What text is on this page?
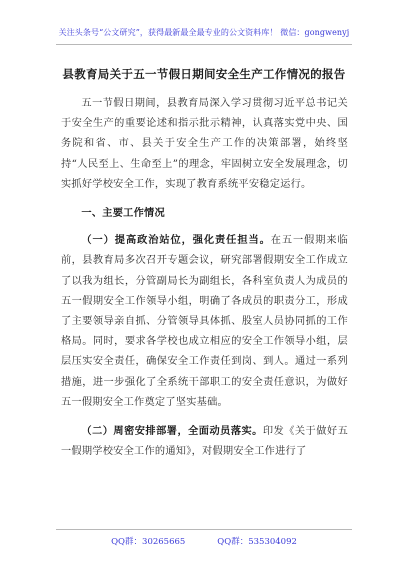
关注头条号“公文研究”，获得最新最全最专业的公文资料库！ 微信：gongwenyj
县教育局关于五一节假日期间安全生产工作情况的报告

五一节假日期间，县教育局深入学习贯彻习近平总书记关于安全生产的重要论述和指示批示精神，认真落实党中央、国务院和省、市、县关于安全生产工作的决策部署，始终坚持“人民至上、生命至上”的理念，牢固树立安全发展理念，切实抓好学校安全工作，实现了教育系统平安稳定运行。

一、主要工作情况

（一）提高政治站位，强化责任担当。在五一假期来临前，县教育局多次召开专题会议，研究部署假期安全工作成立了以我为组长，分管副局长为副组长，各科室负责人为成员的五一假期安全工作领导小组，明确了各成员的职责分工，形成了主要领导亲自抓、分管领导具体抓、股室人员协同抓的工作格局。同时，要求各学校也成立相应的安全工作领导小组，层层压实安全责任，确保安全工作责任到岗、到人。通过一系列措施，进一步强化了全系统干部职工的安全责任意识，为做好五一假期安全工作奠定了坚实基础。

（二）周密安排部署，全面动员落实。印发《关于做好五一假期学校安全工作的通知》，对假期安全工作进行了

QQ群：30265665	QQ群：535304092
